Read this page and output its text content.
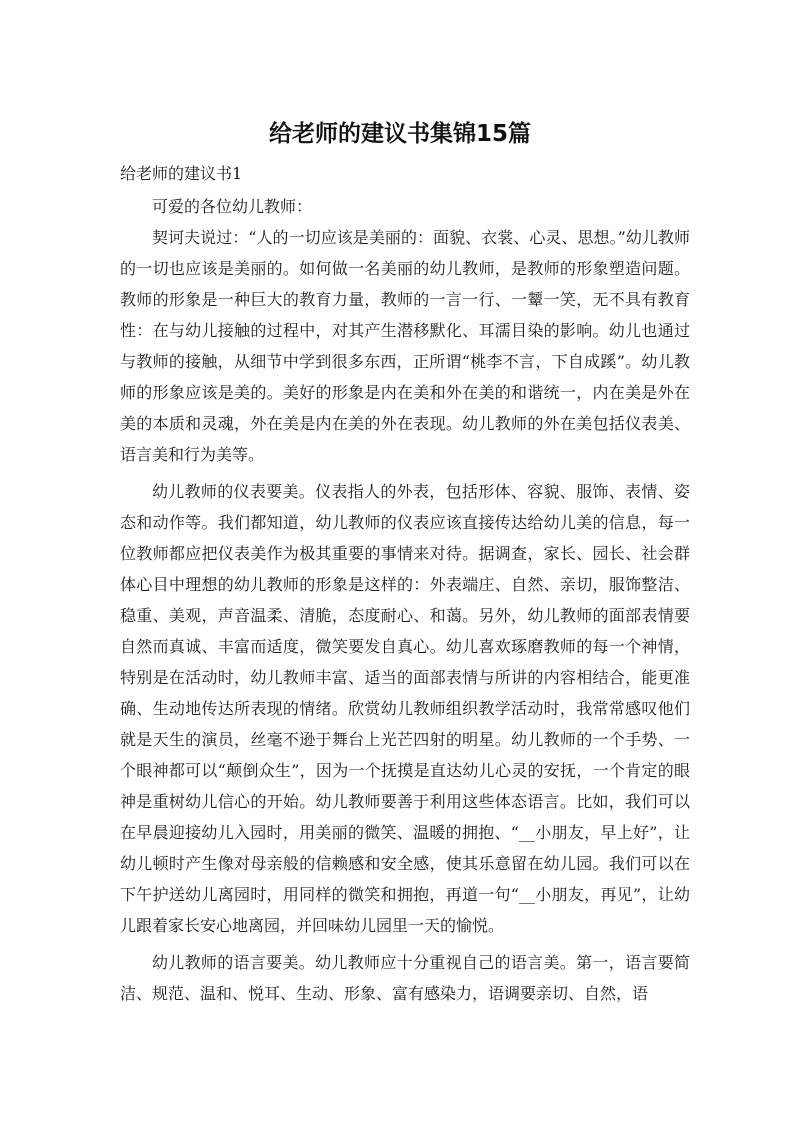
给老师的建议书集锦15篇
给老师的建议书1

可爱的各位幼儿教师：

契诃夫说过：“人的一切应该是美丽的：面貌、衣裳、心灵、思想。”幼儿教师的一切也应该是美丽的。如何做一名美丽的幼儿教师，是教师的形象塑造问题。教师的形象是一种巨大的教育力量，教师的一言一行、一颦一笑，无不具有教育性：在与幼儿接触的过程中，对其产生潜移默化、耳濡目染的影响。幼儿也通过与教师的接触，从细节中学到很多东西，正所谓“桃李不言，下自成蹊”。幼儿教师的形象应该是美的。美好的形象是内在美和外在美的和谐统一，内在美是外在美的本质和灵魂，外在美是内在美的外在表现。幼儿教师的外在美包括仪表美、语言美和行为美等。

幼儿教师的仪表要美。仪表指人的外表，包括形体、容貌、服饰、表情、姿态和动作等。我们都知道，幼儿教师的仪表应该直接传达给幼儿美的信息，每一位教师都应把仪表美作为极其重要的事情来对待。据调查，家长、园长、社会群体心目中理想的幼儿教师的形象是这样的：外表端庄、自然、亲切，服饰整洁、稳重、美观，声音温柔、清脆，态度耐心、和蔼。另外，幼儿教师的面部表情要自然而真诚、丰富而适度，微笑要发自真心。幼儿喜欢琢磨教师的每一个神情，特别是在活动时，幼儿教师丰富、适当的面部表情与所讲的内容相结合，能更准确、生动地传达所表现的情绪。欣赏幼儿教师组织教学活动时，我常常感叹他们就是天生的演员，丝毫不逊于舞台上光芒四射的明星。幼儿教师的一个手势、一个眼神都可以“颠倒众生”，因为一个抚摸是直达幼儿心灵的安抚，一个肯定的眼神是重树幼儿信心的开始。幼儿教师要善于利用这些体态语言。比如，我们可以在早晨迎接幼儿入园时，用美丽的微笑、温暖的拥抱、“__小朋友，早上好”，让幼儿顿时产生像对母亲般的信赖感和安全感，使其乐意留在幼儿园。我们可以在下午护送幼儿离园时，用同样的微笑和拥抱，再道一句“__小朋友，再见”，让幼儿跟着家长安心地离园，并回味幼儿园里一天的愉悦。

幼儿教师的语言要美。幼儿教师应十分重视自己的语言美。第一，语言要简洁、规范、温和、悦耳、生动、形象、富有感染力，语调要亲切、自然，语
